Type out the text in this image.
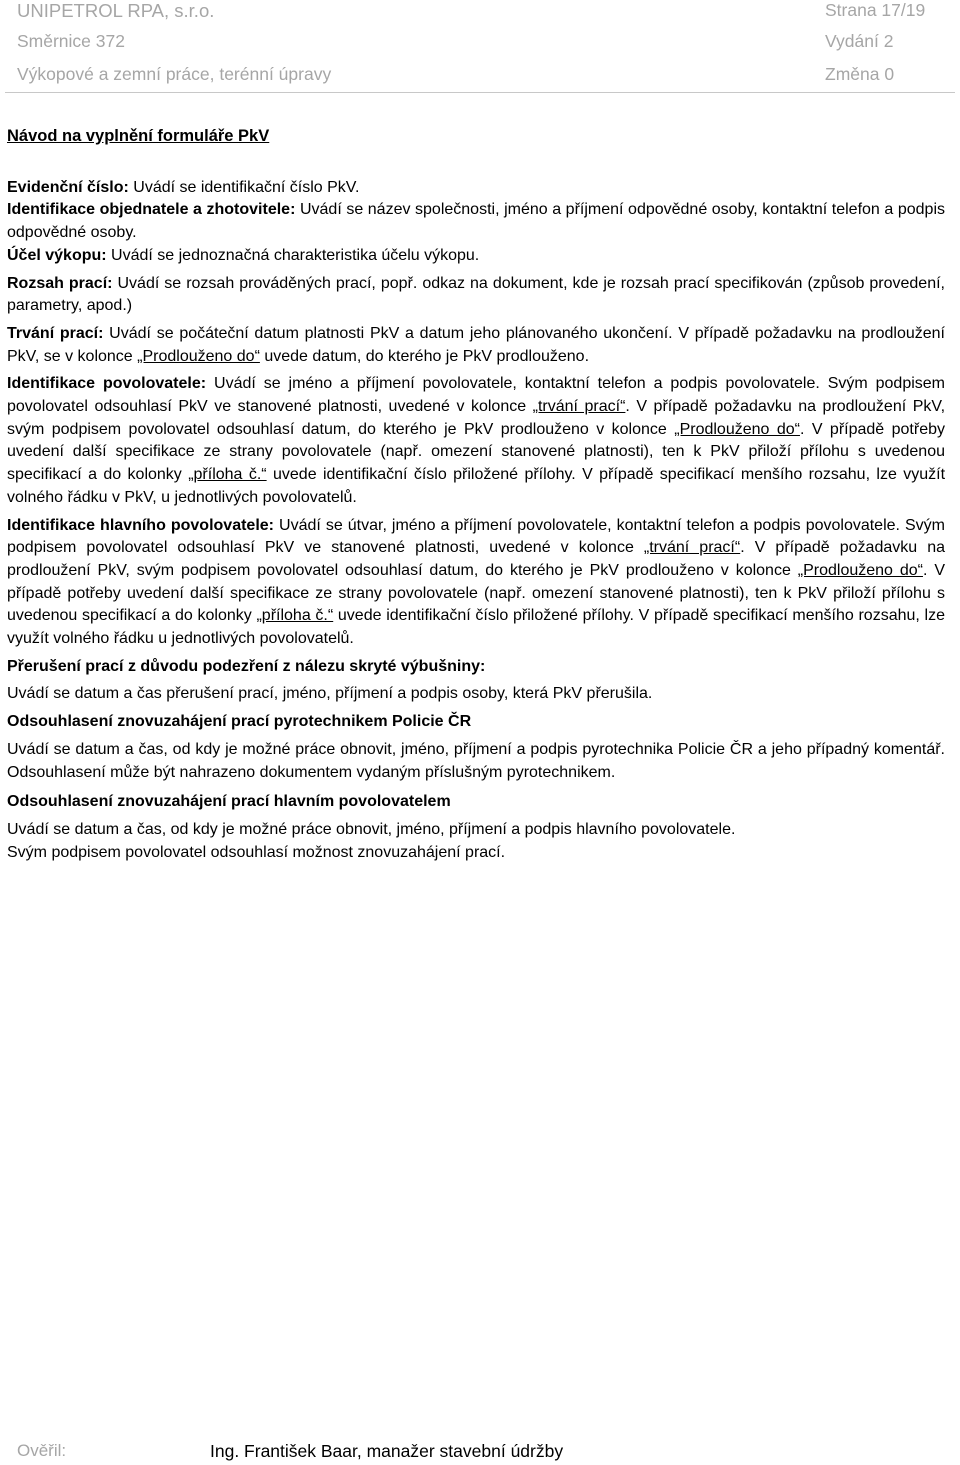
UNIPETROL RPA, s.r.o.	Strana 17/19
Směrnice 372	Vydání 2
Výkopové a zemní práce, terénní úpravy	Změna 0

Návod na vyplnění formuláře PkV

Evidenční číslo: Uvádí se identifikační číslo PkV.

Identifikace objednatele a zhotovitele: Uvádí se název společnosti, jméno a příjmení odpovědné osoby, kontaktní telefon a podpis odpovědné osoby.

Účel výkopu: Uvádí se jednoznačná charakteristika účelu výkopu.

Rozsah prací: Uvádí se rozsah prováděných prací, popř. odkaz na dokument, kde je rozsah prací specifikován (způsob provedení, parametry, apod.)

Trvání prací: Uvádí se počáteční datum platnosti PkV a datum jeho plánovaného ukončení. V případě požadavku na prodloužení PkV, se v kolonce „Prodlouženo do“ uvede datum, do kterého je PkV prodlouženo.

Identifikace povolovatele: Uvádí se jméno a příjmení povolovatele, kontaktní telefon a podpis povolovatele. Svým podpisem povolovatel odsouhlasí PkV ve stanovené platnosti, uvedené v kolonce „trvání prací“. V případě požadavku na prodloužení PkV, svým podpisem povolovatel odsouhlasí datum, do kterého je PkV prodlouženo v kolonce „Prodlouženo do“. V případě potřeby uvedení další specifikace ze strany povolovatele (např. omezení stanovené platnosti), ten k PkV přiloží přílohu s uvedenou specifikací a do kolonky „příloha č.“ uvede identifikační číslo přiložené přílohy. V případě specifikací menšího rozsahu, lze využít volného řádku v PkV, u jednotlivých povolovatelů.

Identifikace hlavního povolovatele: Uvádí se útvar, jméno a příjmení povolovatele, kontaktní telefon a podpis povolovatele. Svým podpisem povolovatel odsouhlasí PkV ve stanovené platnosti, uvedené v kolonce „trvání prací“. V případě požadavku na prodloužení PkV, svým podpisem povolovatel odsouhlasí datum, do kterého je PkV prodlouženo v kolonce „Prodlouženo do“. V případě potřeby uvedení další specifikace ze strany povolovatele (např. omezení stanovené platnosti), ten k PkV přiloží přílohu s uvedenou specifikací a do kolonky „příloha č.“ uvede identifikační číslo přiložené přílohy. V případě specifikací menšího rozsahu, lze využít volného řádku u jednotlivých povolovatelů.

Přerušení prací z důvodu podezření z nálezu skryté výbušniny:

Uvádí se datum a čas přerušení prací, jméno, příjmení a podpis osoby, která PkV přerušila.

Odsouhlasení znovuzahájení prací pyrotechnikem Policie ČR

Uvádí se datum a čas, od kdy je možné práce obnovit, jméno, příjmení a podpis pyrotechnika Policie ČR a jeho případný komentář. Odsouhlasení může být nahrazeno dokumentem vydaným příslušným pyrotechnikem.

Odsouhlasení znovuzahájení prací hlavním povolovatelem

Uvádí se datum a čas, od kdy je možné práce obnovit, jméno, příjmení a podpis hlavního povolovatele.

Svým podpisem povolovatel odsouhlasí možnost znovuzahájení prací.

Ověřil:	Ing. František Baar, manažer stavební údržby
